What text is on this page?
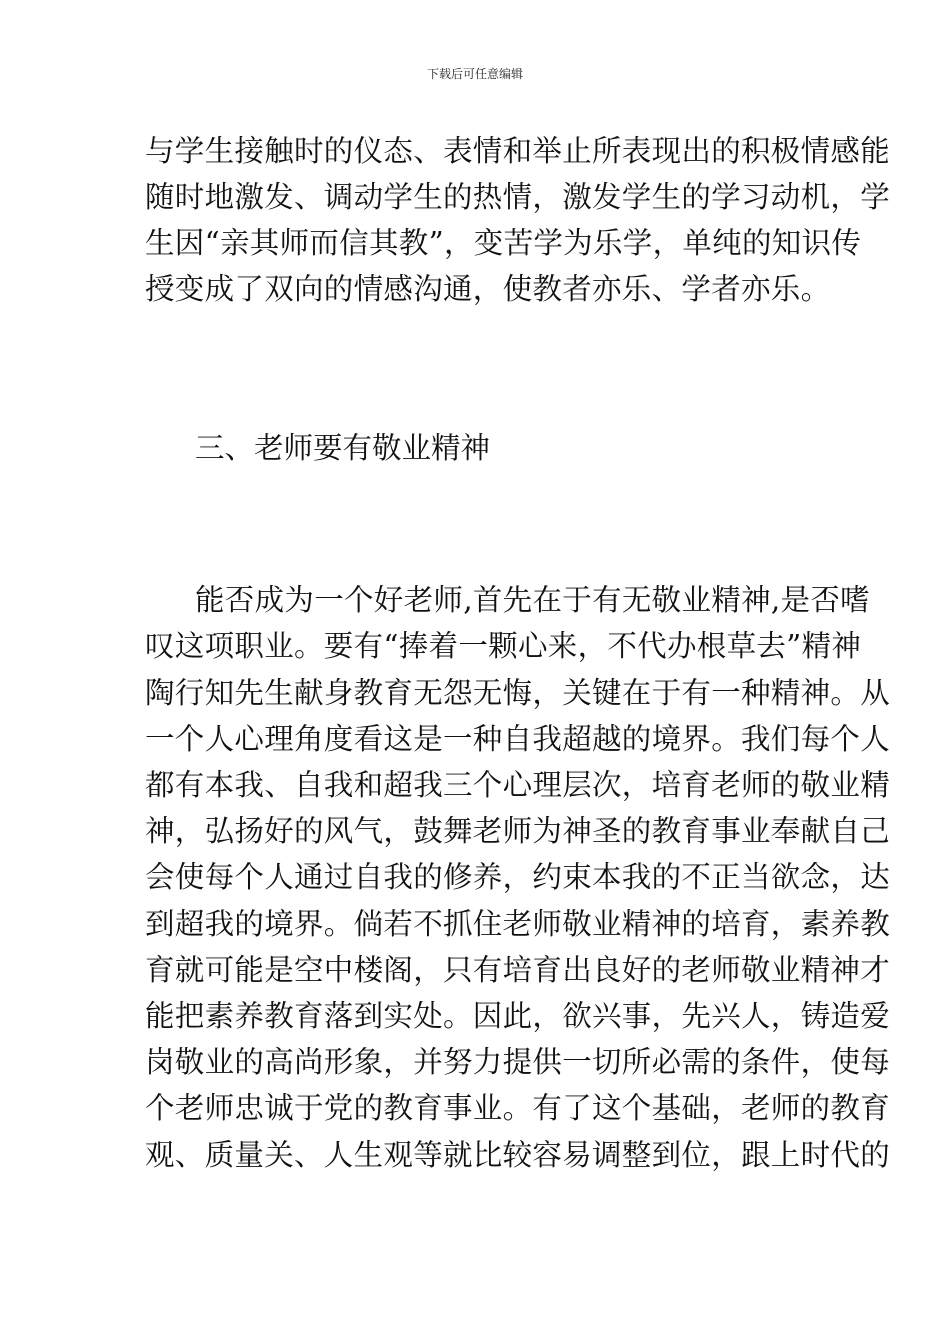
下载后可任意编辑
与学生接触时的仪态、表情和举止所表现出的积极情感能
随时地激发、调动学生的热情，激发学生的学习动机，学
生因“亲其师而信其教”，变苦学为乐学，单纯的知识传
授变成了双向的情感沟通，使教者亦乐、学者亦乐。
三、老师要有敬业精神
能否成为一个好老师,首先在于有无敬业精神,是否嗜
叹这项职业。要有“捧着一颗心来，不代办根草去”精神
陶行知先生献身教育无怨无悔，关键在于有一种精神。从
一个人心理角度看这是一种自我超越的境界。我们每个人
都有本我、自我和超我三个心理层次，培育老师的敬业精
神，弘扬好的风气，鼓舞老师为神圣的教育事业奉献自己
会使每个人通过自我的修养，约束本我的不正当欲念，达
到超我的境界。倘若不抓住老师敬业精神的培育，素养教
育就可能是空中楼阁，只有培育出良好的老师敬业精神才
能把素养教育落到实处。因此，欲兴事，先兴人，铸造爱
岗敬业的高尚形象，并努力提供一切所必需的条件，使每
个老师忠诚于党的教育事业。有了这个基础，老师的教育
观、质量关、人生观等就比较容易调整到位，跟上时代的
